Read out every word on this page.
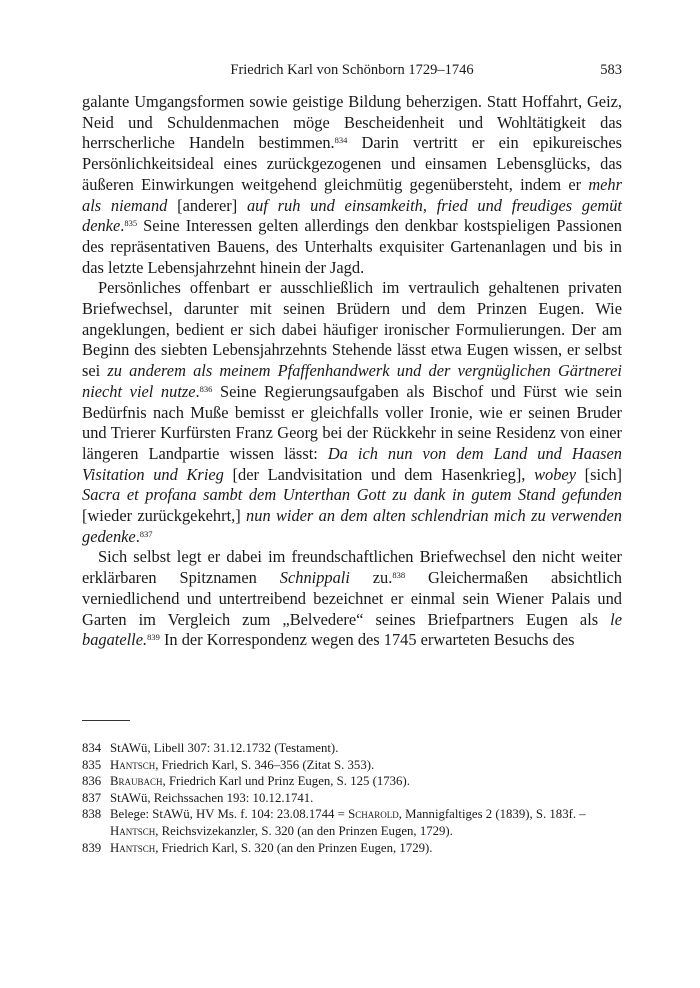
Friedrich Karl von Schönborn 1729–1746	583

galante Umgangsformen sowie geistige Bildung beherzigen. Statt Hoffahrt, Geiz, Neid und Schuldenmachen möge Bescheidenheit und Wohltätigkeit das herrscherliche Handeln bestimmen.$^{834}$ Darin vertritt er ein epikureisches Persönlichkeitsideal eines zurückgezogenen und einsamen Lebensglücks, das äußeren Einwirkungen weitgehend gleichmütig gegenübersteht, indem er mehr als niemand [anderer] auf ruh und einsamkeith, fried und freudiges gemüt denke.$^{835}$ Seine Interessen gelten allerdings den denkbar kostspieligen Passionen des repräsentativen Bauens, des Unterhalts exquisiter Gartenanlagen und bis in das letzte Lebensjahrzehnt hinein der Jagd.

Persönliches offenbart er ausschließlich im vertraulich gehaltenen privaten Briefwechsel, darunter mit seinen Brüdern und dem Prinzen Eugen. Wie angeklungen, bedient er sich dabei häufiger ironischer Formulierungen. Der am Beginn des siebten Lebensjahrzehnts Stehende lässt etwa Eugen wissen, er selbst sei zu anderem als meinem Pfaffenhandwerk und der vergnüglichen Gärtnerei niecht viel nutze.$^{836}$ Seine Regierungsaufgaben als Bischof und Fürst wie sein Bedürfnis nach Muße bemisst er gleichfalls voller Ironie, wie er seinen Bruder und Trierer Kurfürsten Franz Georg bei der Rückkehr in seine Residenz von einer längeren Landpartie wissen lässt: Da ich nun von dem Land und Haasen Visitation und Krieg [der Landvisitation und dem Hasenkrieg], wobey [sich] Sacra et profana sambt dem Unterthan Gott zu dank in gutem Stand gefunden [wieder zurückgekehrt,] nun wider an dem alten schlendrian mich zu verwenden gedenke.$^{837}$

Sich selbst legt er dabei im freundschaftlichen Briefwechsel den nicht weiter erklärbaren Spitznamen Schnippali zu.$^{838}$ Gleichermaßen absichtlich verniedlichend und untertreibend bezeichnet er einmal sein Wiener Palais und Garten im Vergleich zum „Belvedere“ seines Briefpartners Eugen als le bagatelle.$^{839}$ In der Korrespondenz wegen des 1745 erwarteten Besuchs des

834 StAWü, Libell 307: 31.12.1732 (Testament).
835 Hantsch, Friedrich Karl, S. 346–356 (Zitat S. 353).
836 Braubach, Friedrich Karl und Prinz Eugen, S. 125 (1736).
837 StAWü, Reichssachen 193: 10.12.1741.
838 Belege: StAWü, HV Ms. f. 104: 23.08.1744 = Scharold, Mannigfaltiges 2 (1839), S. 183f. – Hantsch, Reichsvizekanzler, S. 320 (an den Prinzen Eugen, 1729).
839 Hantsch, Friedrich Karl, S. 320 (an den Prinzen Eugen, 1729).
